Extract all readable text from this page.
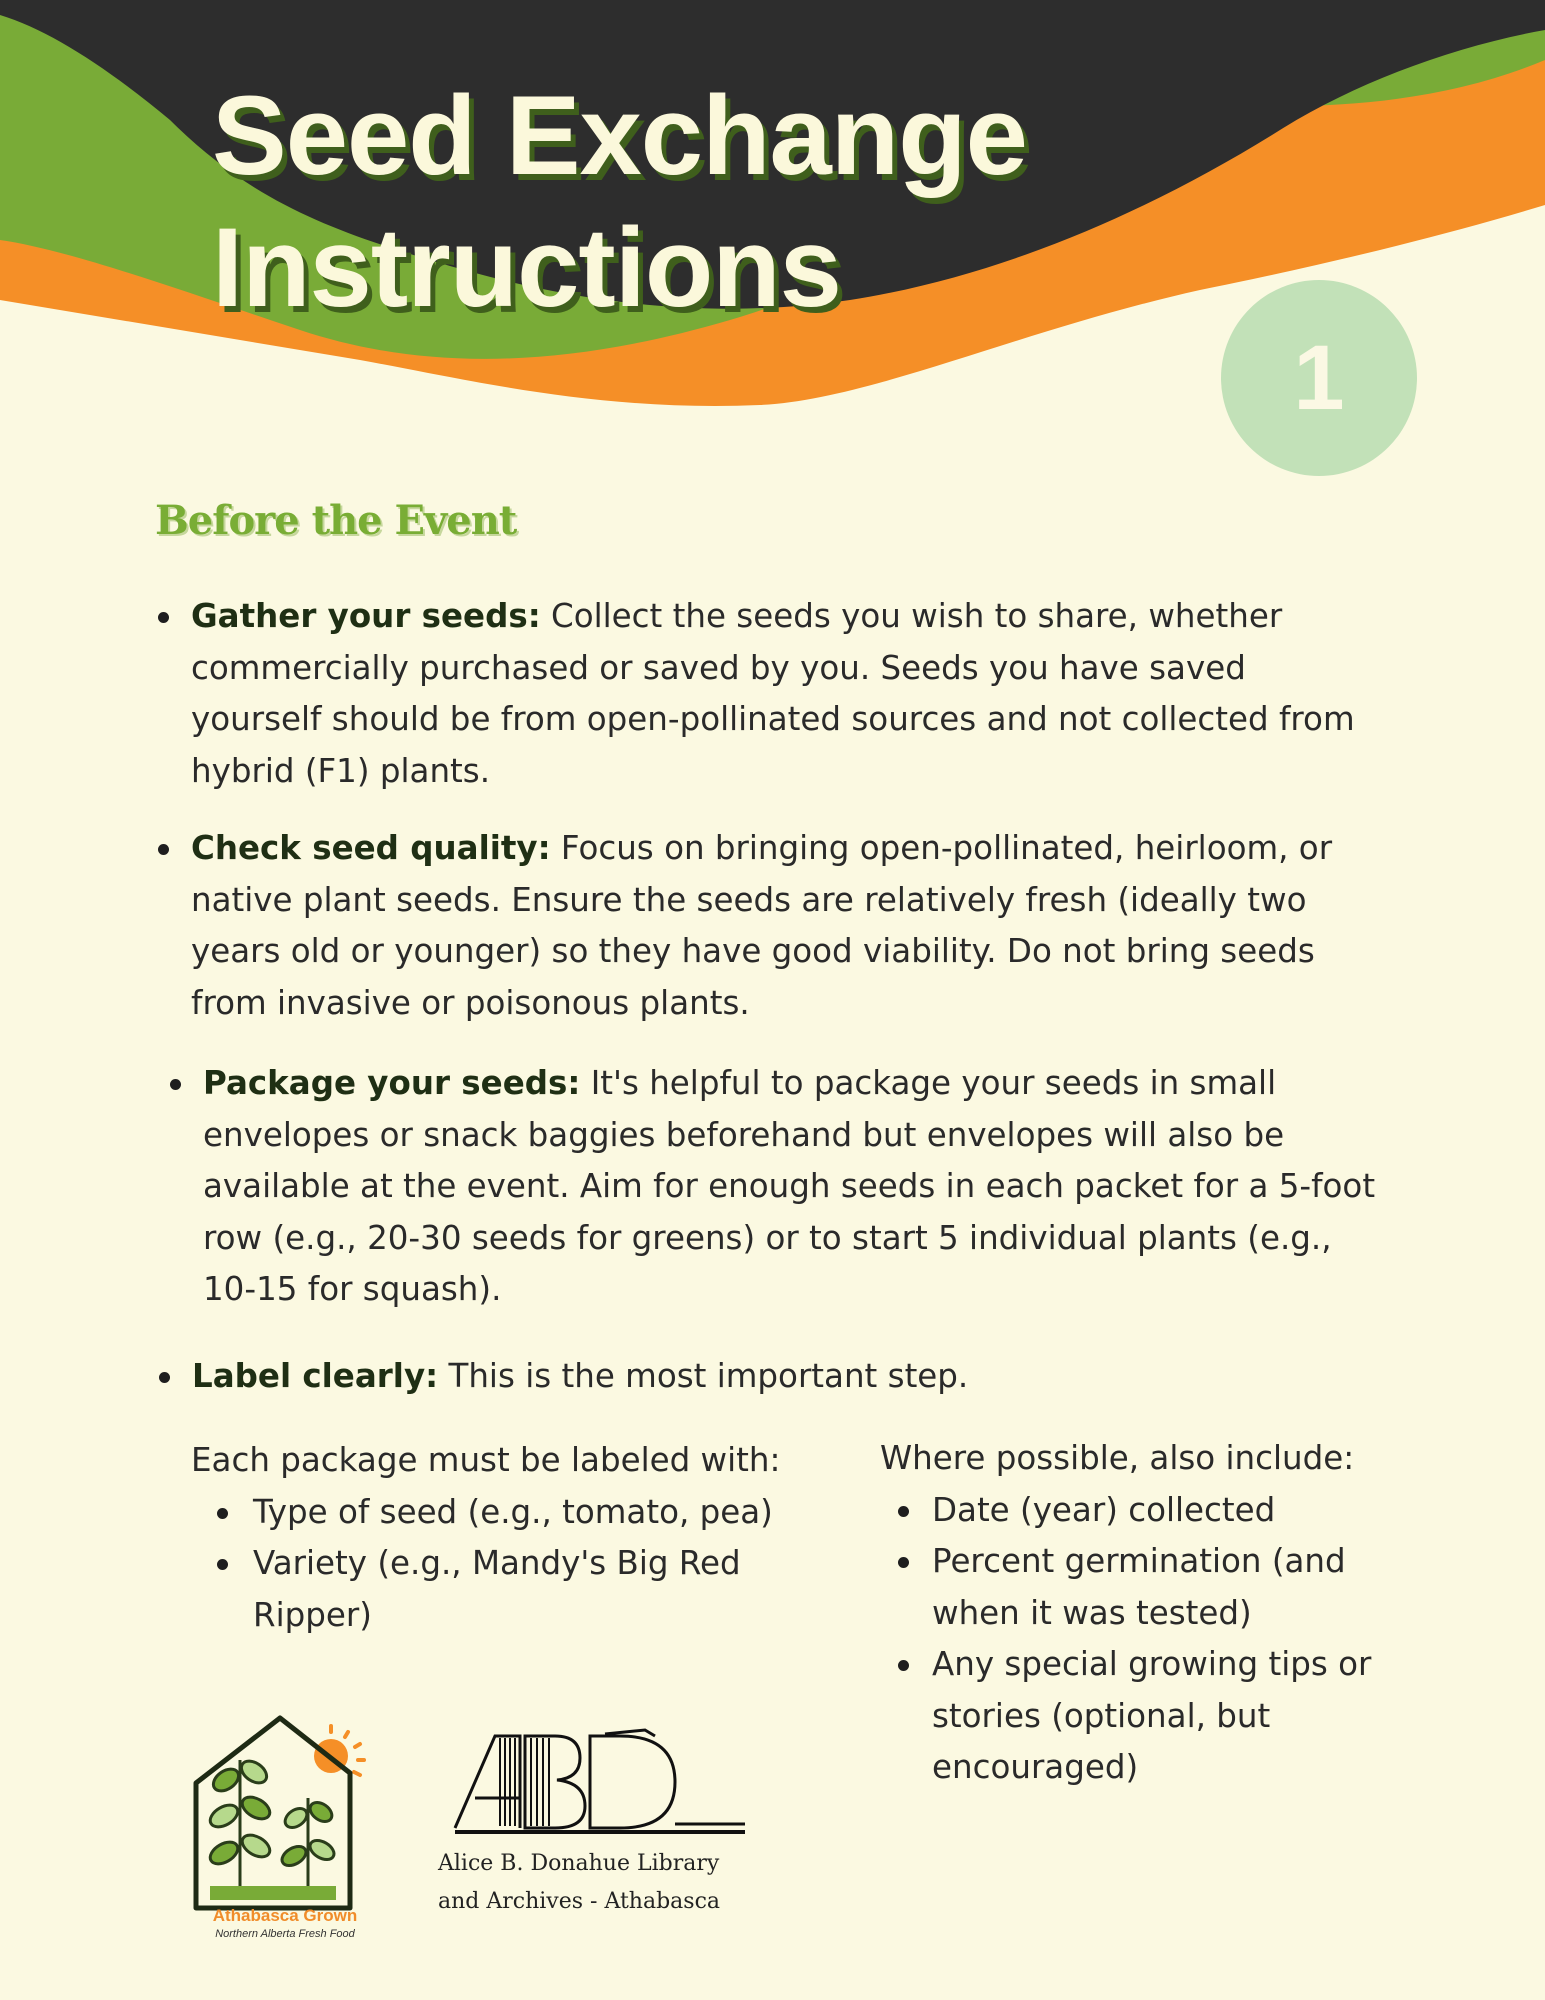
Seed Exchange
Instructions
1
Before the Event
Gather your seeds: Collect the seeds you wish to share, whether commercially purchased or saved by you. Seeds you have saved yourself should be from open-pollinated sources and not collected from hybrid (F1) plants.
Check seed quality: Focus on bringing open-pollinated, heirloom, or native plant seeds. Ensure the seeds are relatively fresh (ideally two years old or younger) so they have good viability. Do not bring seeds from invasive or poisonous plants.
Package your seeds: It's helpful to package your seeds in small envelopes or snack baggies beforehand but envelopes will also be available at the event. Aim for enough seeds in each packet for a 5-foot row (e.g., 20-30 seeds for greens) or to start 5 individual plants (e.g., 10-15 for squash).
Label clearly: This is the most important step.
Each package must be labeled with:
Type of seed (e.g., tomato, pea)
Variety (e.g., Mandy's Big Red Ripper)
Where possible, also include:
Date (year) collected
Percent germination (and when it was tested)
Any special growing tips or stories (optional, but encouraged)
Athabasca Grown
Northern Alberta Fresh Food
Alice B. Donahue Library
and Archives - Athabasca
